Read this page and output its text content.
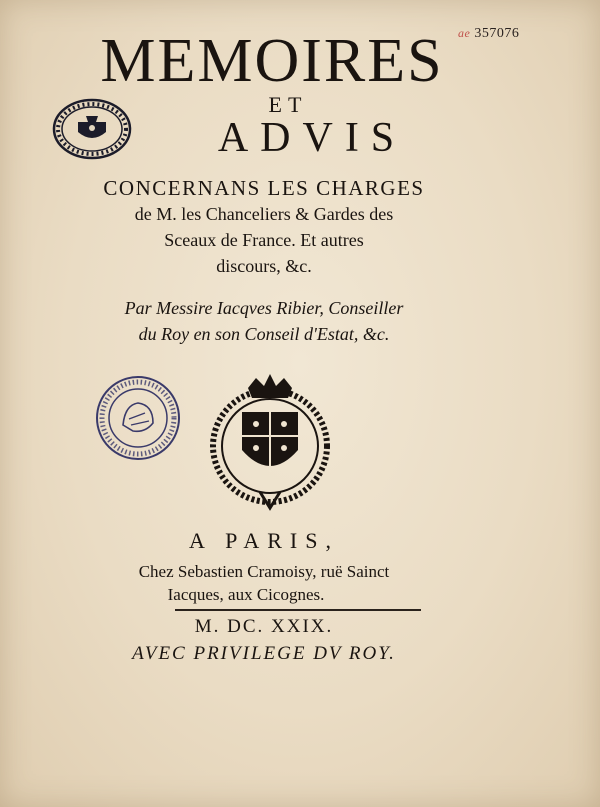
ae 357076
MEMOIRES
ET
ADVIS
CONCERNANS LES CHARGES
de M. les Chanceliers & Gardes des
Sceaux de France. Et autres
discours, &c.
Par Messire Iacqves Ribier, Conseiller
du Roy en son Conseil d'Estat, &c.
A PARIS,
Chez Sebastien Cramoisy, ruë Sainct
Iacques, aux Cicognes.
M. DC. XXIX.
AVEC PRIVILEGE DV ROY.
